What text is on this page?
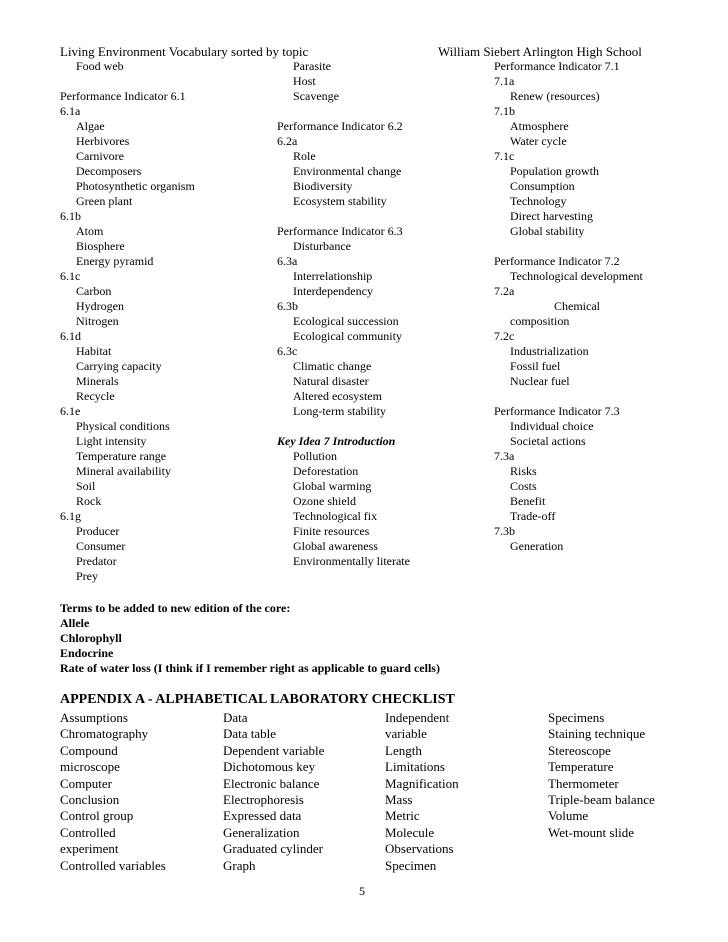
Living Environment Vocabulary sorted by topic	William Siebert Arlington High School
Food web
Performance Indicator 6.1
6.1a
Algae
Herbivores
Carnivore
Decomposers
Photosynthetic organism
Green plant
6.1b
Atom
Biosphere
Energy pyramid
6.1c
Carbon
Hydrogen
Nitrogen
6.1d
Habitat
Carrying capacity
Minerals
Recycle
6.1e
Physical conditions
Light intensity
Temperature range
Mineral availability
Soil
Rock
6.1g
Producer
Consumer
Predator
Prey
Parasite
Host
Scavenge
Performance Indicator 6.2
6.2a
Role
Environmental change
Biodiversity
Ecosystem stability
Performance Indicator 6.3
Disturbance
6.3a
Interrelationship
Interdependency
6.3b
Ecological succession
Ecological community
6.3c
Climatic change
Natural disaster
Altered ecosystem
Long-term stability
Key Idea 7 Introduction
Pollution
Deforestation
Global warming
Ozone shield
Technological fix
Finite resources
Global awareness
Environmentally literate
Performance Indicator 7.1
7.1a
Renew (resources)
7.1b
Atmosphere
Water cycle
7.1c
Population growth
Consumption
Technology
Direct harvesting
Global stability
Performance Indicator 7.2
Technological development
7.2a
Chemical
composition
7.2c
Industrialization
Fossil fuel
Nuclear fuel
Performance Indicator 7.3
Individual choice
Societal actions
7.3a
Risks
Costs
Benefit
Trade-off
7.3b
Generation
Terms to be added to new edition of the core:
Allele
Chlorophyll
Endocrine
Rate of water loss (I think if I remember right as applicable to guard cells)
APPENDIX A - ALPHABETICAL LABORATORY CHECKLIST
Assumptions
Chromatography
Compound
microscope
Computer
Conclusion
Control group
Controlled
experiment
Controlled variables
Data
Data table
Dependent variable
Dichotomous key
Electronic balance
Electrophoresis
Expressed data
Generalization
Graduated cylinder
Graph
Independent
variable
Length
Limitations
Magnification
Mass
Metric
Molecule
Observations
Specimen
Specimens
Staining technique
Stereoscope
Temperature
Thermometer
Triple-beam balance
Volume
Wet-mount slide
5
